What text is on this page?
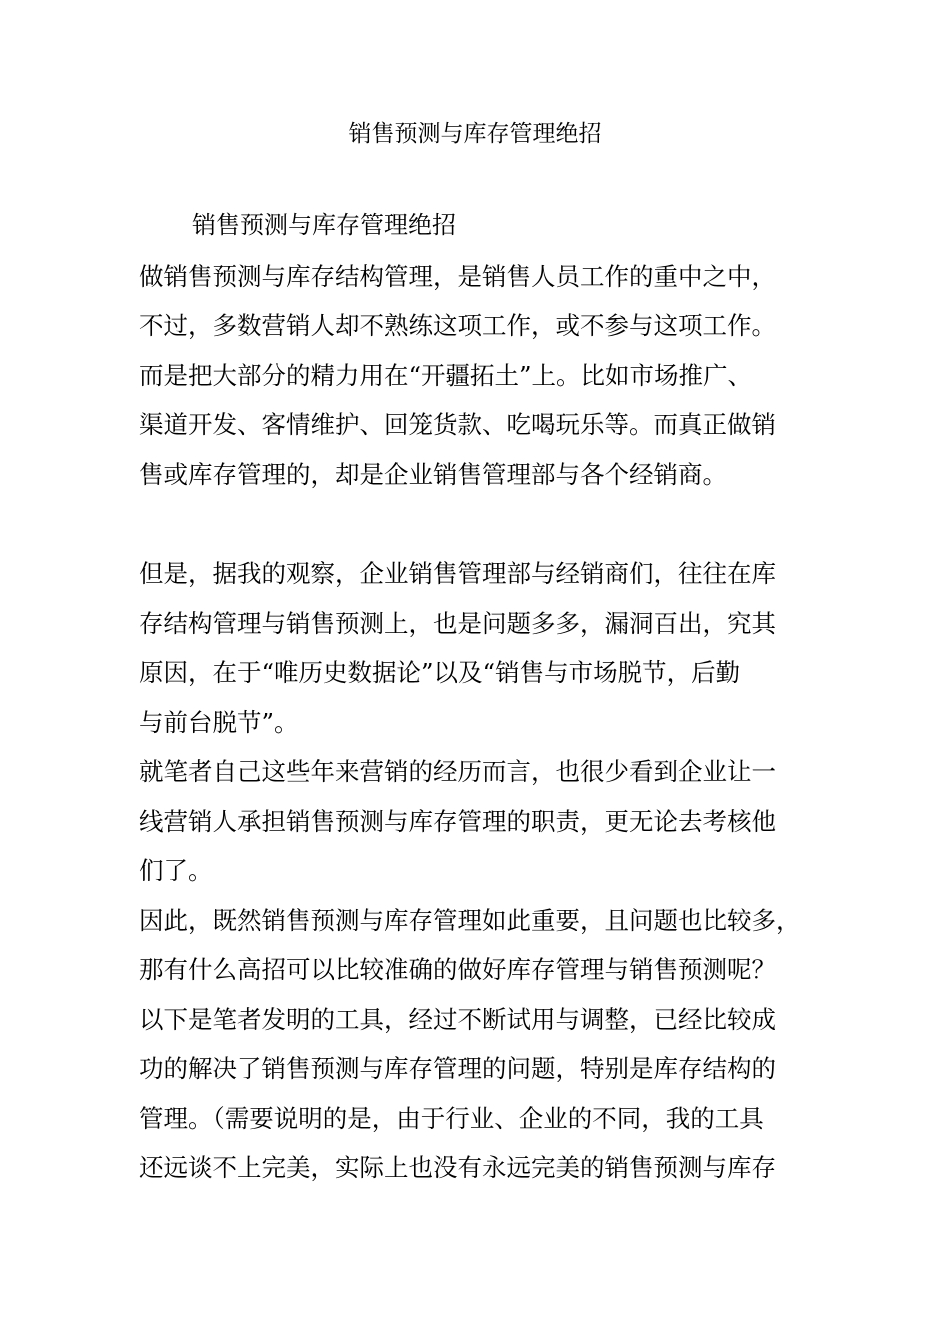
销售预测与库存管理绝招
销售预测与库存管理绝招
做销售预测与库存结构管理，是销售人员工作的重中之中，
不过，多数营销人却不熟练这项工作，或不参与这项工作。
而是把大部分的精力用在“开疆拓土”上。比如市场推广、
渠道开发、客情维护、回笼货款、吃喝玩乐等。而真正做销
售或库存管理的，却是企业销售管理部与各个经销商。
但是，据我的观察，企业销售管理部与经销商们，往往在库
存结构管理与销售预测上，也是问题多多，漏洞百出，究其
原因，在于“唯历史数据论”以及“销售与市场脱节，后勤
与前台脱节”。
就笔者自己这些年来营销的经历而言，也很少看到企业让一
线营销人承担销售预测与库存管理的职责，更无论去考核他
们了。
因此，既然销售预测与库存管理如此重要，且问题也比较多，
那有什么高招可以比较准确的做好库存管理与销售预测呢？
以下是笔者发明的工具，经过不断试用与调整，已经比较成
功的解决了销售预测与库存管理的问题，特别是库存结构的
管理。（需要说明的是，由于行业、企业的不同，我的工具
还远谈不上完美，实际上也没有永远完美的销售预测与库存
